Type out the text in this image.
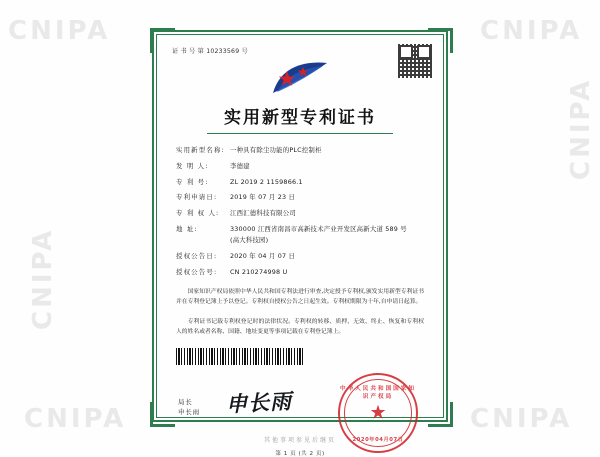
CNIPA	CNIPA
CNIPA
CNIPA
CNIPA	CNIPA
证 书 号 第 10233569 号
实用新型专利证书
实用新型名称: 一种具有除尘功能的PLC控制柜
发 明 人:	李德建
专 利 号:	ZL 2019 2 1159866.1
专利申请日:	2019 年 07 月 23 日
专 利 权 人:	江西汇德科技有限公司
地 址:	330000 江西省南昌市高新技术产业开发区高新大道 589 号
(高大科技园)
授权公告日:	2020 年 04 月 07 日
授权公告号:	CN 210274998 U
国家知识产权局依照中华人民共和国专利法进行审查,决定授予专利权,颁发实用新型专利证书并在专利登记簿上予以登记。专利权自授权公告之日起生效。专利权期限为十年,自申请日起算。
专利证书记载专利权登记时的法律状况。专利权的转移、质押、无效、终止、恢复和专利权人的姓名或者名称、国籍、地址变更等事项记载在专利登记簿上。
局长
申长雨 申长雨	中华人民共和国国家知识产权局
★
2020年04月07日
第 1 页 (共 2 页)
其他事项参见后继页
